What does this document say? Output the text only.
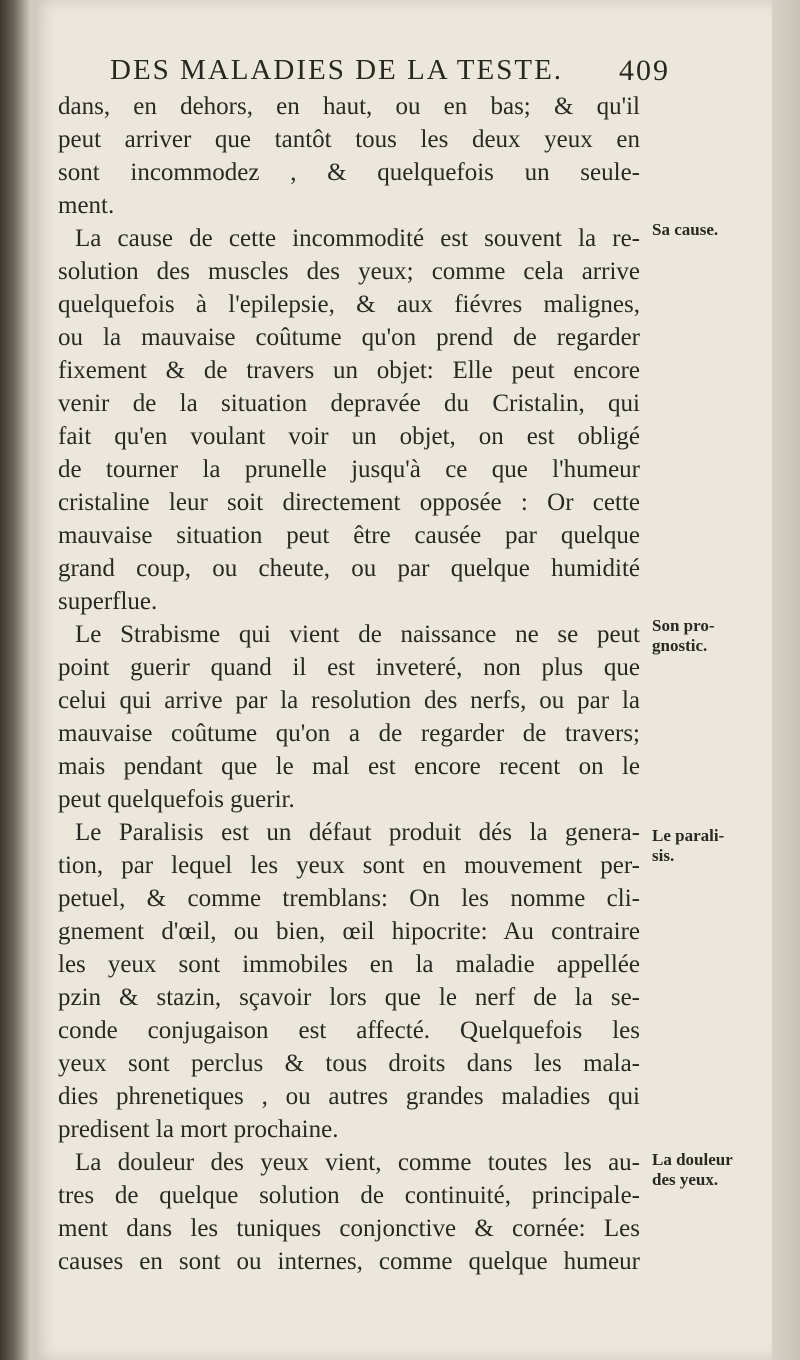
DES MALADIES DE LA TESTE. 409
dans, en dehors, en haut, ou en bas; & qu'il
peut arriver que tantôt tous les deux yeux en
sont incommodez , & quelquefois un seule-
ment.
La cause de cette incommodité est souvent la re-
solution des muscles des yeux; comme cela arrive
quelquefois à l'epilepsie, & aux fiévres malignes,
ou la mauvaise coûtume qu'on prend de regarder
fixement & de travers un objet: Elle peut encore
venir de la situation depravée du Cristalin, qui
fait qu'en voulant voir un objet, on est obligé
de tourner la prunelle jusqu'à ce que l'humeur
cristaline leur soit directement opposée : Or cette
mauvaise situation peut être causée par quelque
grand coup, ou cheute, ou par quelque humidité
superflue.
Le Strabisme qui vient de naissance ne se peut
point guerir quand il est inveteré, non plus que
celui qui arrive par la resolution des nerfs, ou par la
mauvaise coûtume qu'on a de regarder de travers;
mais pendant que le mal est encore recent on le
peut quelquefois guerir.
Le Paralisis est un défaut produit dés la genera-
tion, par lequel les yeux sont en mouvement per-
petuel, & comme tremblans: On les nomme cli-
gnement d'œil, ou bien, œil hipocrite: Au contraire
les yeux sont immobiles en la maladie appellée
pzin & stazin, sçavoir lors que le nerf de la se-
conde conjugaison est affecté. Quelquefois les
yeux sont perclus & tous droits dans les mala-
dies phrenetiques , ou autres grandes maladies qui
predisent la mort prochaine.
La douleur des yeux vient, comme toutes les au-
tres de quelque solution de continuité, principale-
ment dans les tuniques conjonctive & cornée: Les
causes en sont ou internes, comme quelque humeur
Sa cause.
Son pro-
gnostic.
Le parali-
sis.
La douleur
des yeux.
